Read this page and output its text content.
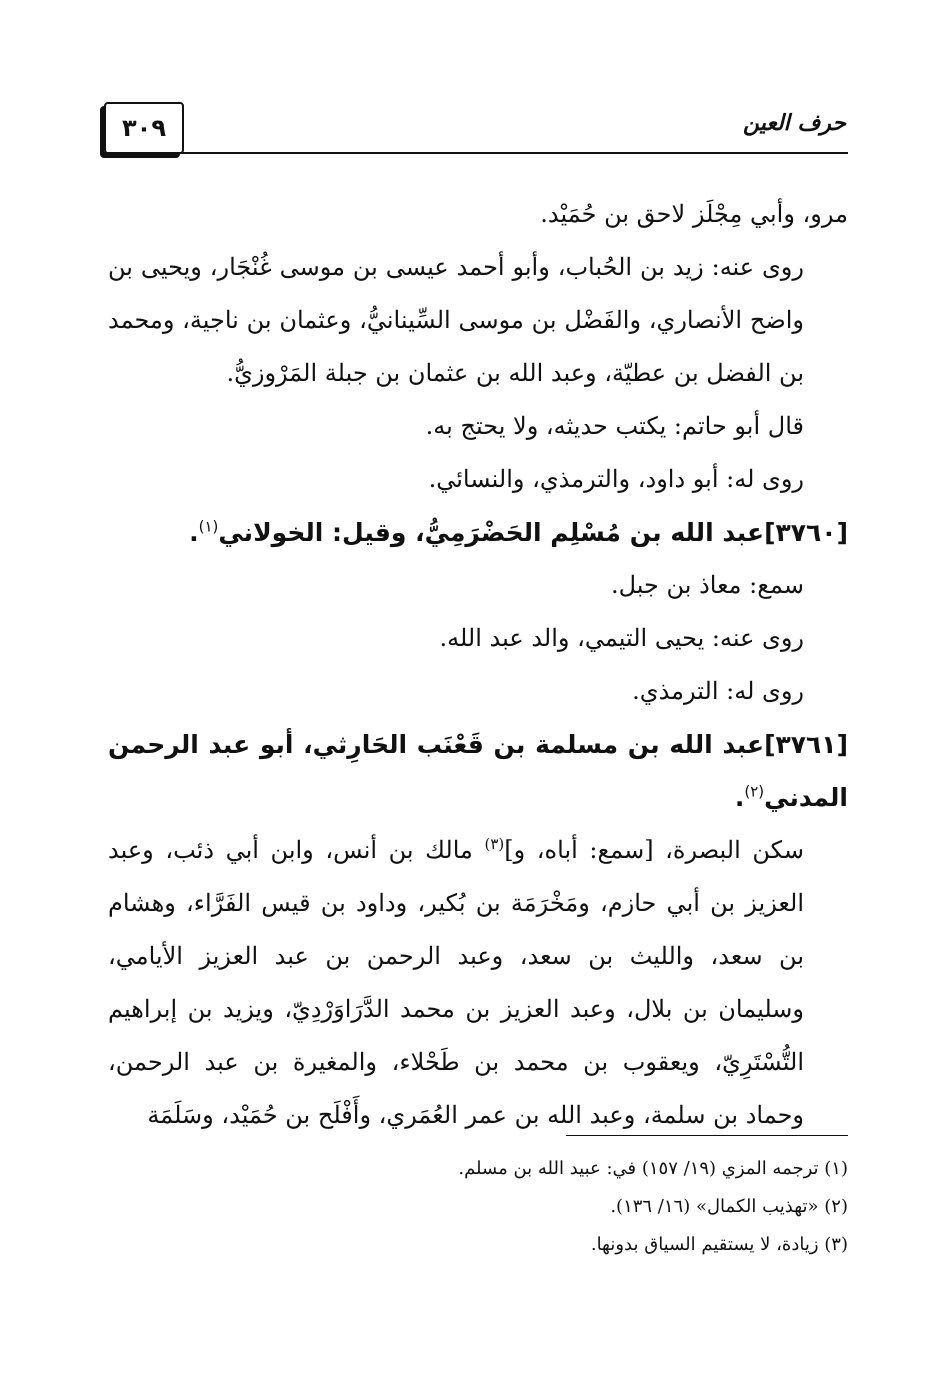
حرف العين
٣٠٩

مرو، وأبي مِجْلَز لاحق بن حُمَيْد.

روى عنه: زيد بن الحُباب، وأبو أحمد عيسى بن موسى غُنْجَار، ويحيى بن واضح الأنصاري، والفَضْل بن موسى السِّينانيُّ، وعثمان بن ناجية، ومحمد بن الفضل بن عطيّة، وعبد الله بن عثمان بن جبلة المَرْوزيُّ.

قال أبو حاتم: يكتب حديثه، ولا يحتج به.

روى له: أبو داود، والترمذي، والنسائي.

[٣٧٦٠]عبد الله بن مُسْلِم الحَضْرَمِيُّ، وقيل: الخولاني$^{(١)}$.

سمع: معاذ بن جبل.

روى عنه: يحيى التيمي، والد عبد الله.

روى له: الترمذي.

[٣٧٦١]عبد الله بن مسلمة بن قَعْنَب الحَارِثي، أبو عبد الرحمن المدني$^{(٢)}$.

سكن البصرة، [سمع: أباه، و]$^{(٣)}$ مالك بن أنس، وابن أبي ذئب، وعبد العزيز بن أبي حازم، ومَخْرَمَة بن بُكير، وداود بن قيس الفَرَّاء، وهشام بن سعد، والليث بن سعد، وعبد الرحمن بن عبد العزيز الأيامي، وسليمان بن بلال، وعبد العزيز بن محمد الدَّرَاوَرْدِيّ، ويزيد بن إبراهيم التُّسْتَرِيّ، ويعقوب بن محمد بن طَحْلاء، والمغيرة بن عبد الرحمن، وحماد بن سلمة، وعبد الله بن عمر العُمَري، وأَفْلَح بن حُمَيْد، وسَلَمَة

(١) ترجمه المزي (١٩/ ١٥٧) في: عبيد الله بن مسلم.

(٢) «تهذيب الكمال» (١٦/ ١٣٦).

(٣) زيادة، لا يستقيم السياق بدونها.
